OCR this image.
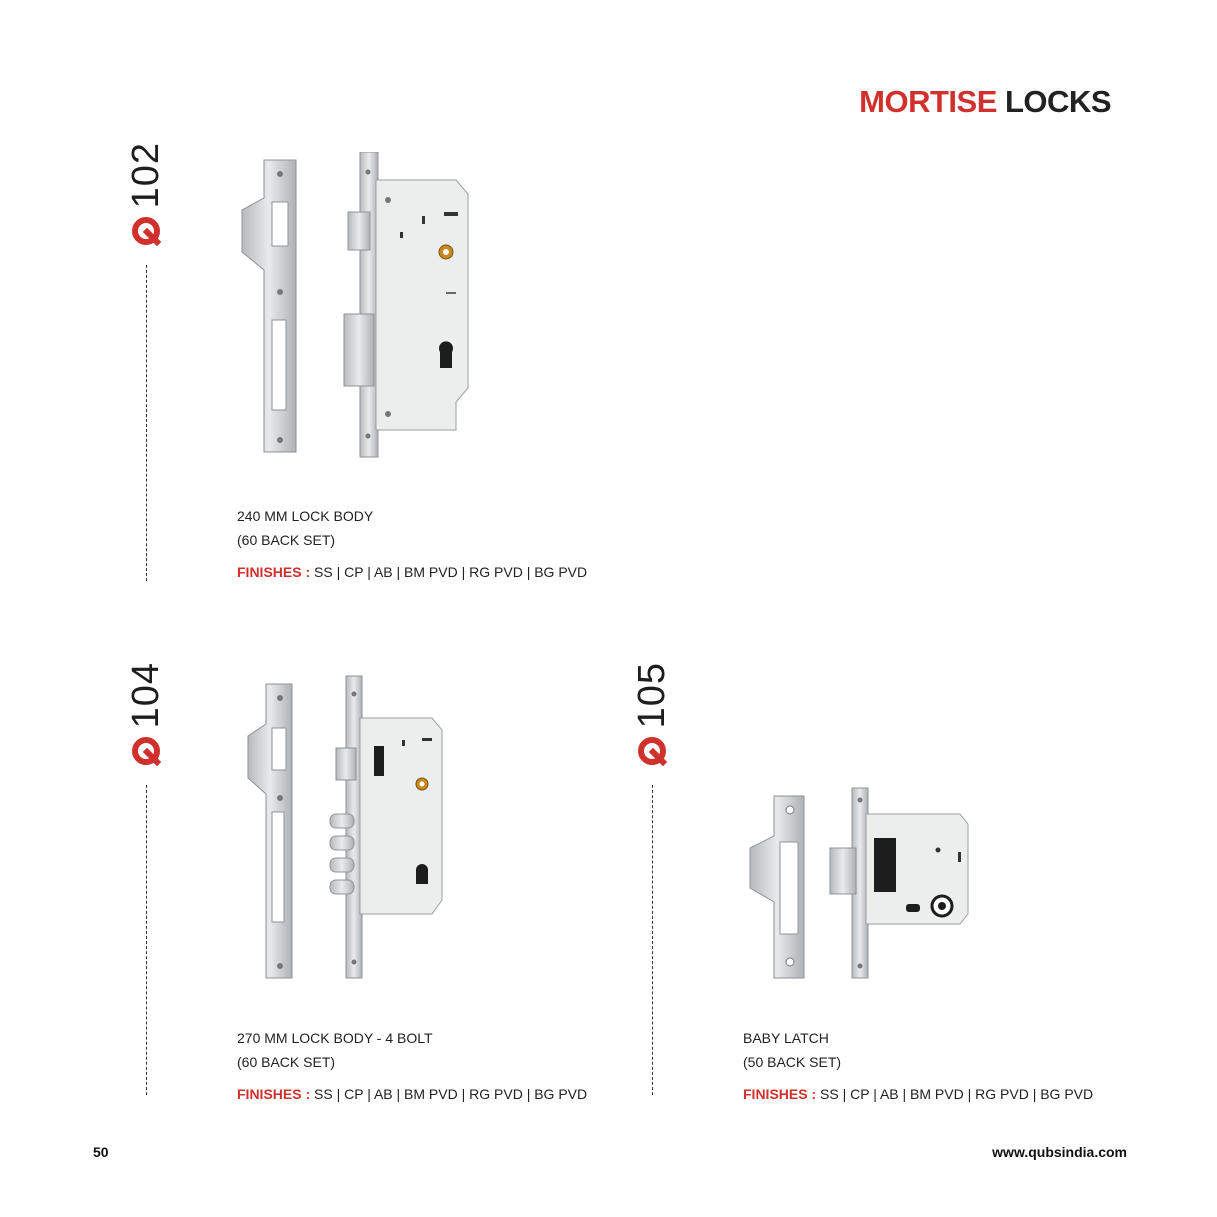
MORTISE LOCKS
102
240 MM LOCK BODY
(60 BACK SET)
FINISHES : SS | CP | AB | BM PVD | RG PVD | BG PVD
104
270 MM LOCK BODY - 4 BOLT
(60 BACK SET)
FINISHES : SS | CP | AB | BM PVD | RG PVD | BG PVD
105
BABY LATCH
(50 BACK SET)
FINISHES : SS | CP | AB | BM PVD | RG PVD | BG PVD
50	www.qubsindia.com
